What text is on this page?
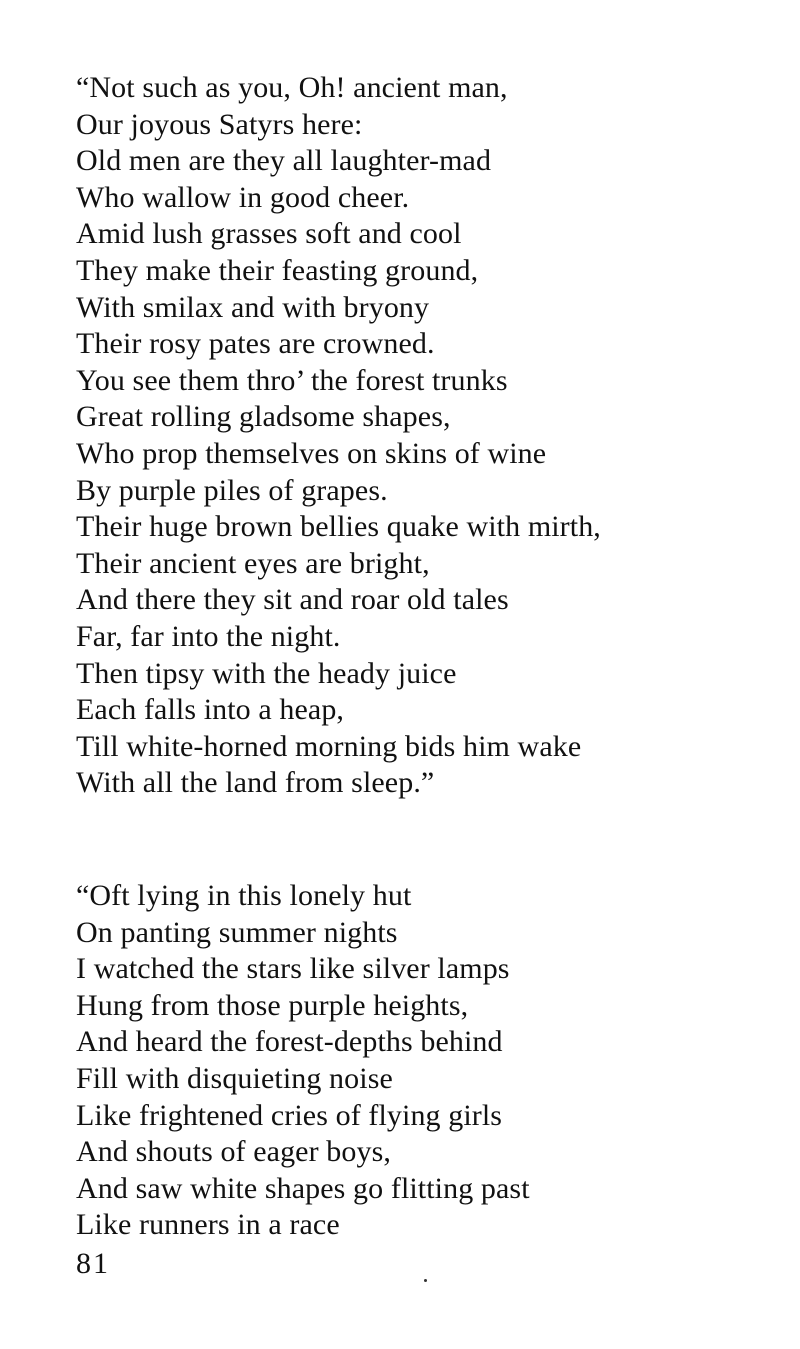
“Not such as you, Oh! ancient man,
Our joyous Satyrs here:
Old men are they all laughter-mad
Who wallow in good cheer.
Amid lush grasses soft and cool
They make their feasting ground,
With smilax and with bryony
Their rosy pates are crowned.
You see them thro’ the forest trunks
Great rolling gladsome shapes,
Who prop themselves on skins of wine
By purple piles of grapes.
Their huge brown bellies quake with mirth,
Their ancient eyes are bright,
And there they sit and roar old tales
Far, far into the night.
Then tipsy with the heady juice
Each falls into a heap,
Till white-horned morning bids him wake
With all the land from sleep.”
“Oft lying in this lonely hut
On panting summer nights
I watched the stars like silver lamps
Hung from those purple heights,
And heard the forest-depths behind
Fill with disquieting noise
Like frightened cries of flying girls
And shouts of eager boys,
And saw white shapes go flitting past
Like runners in a race
81
